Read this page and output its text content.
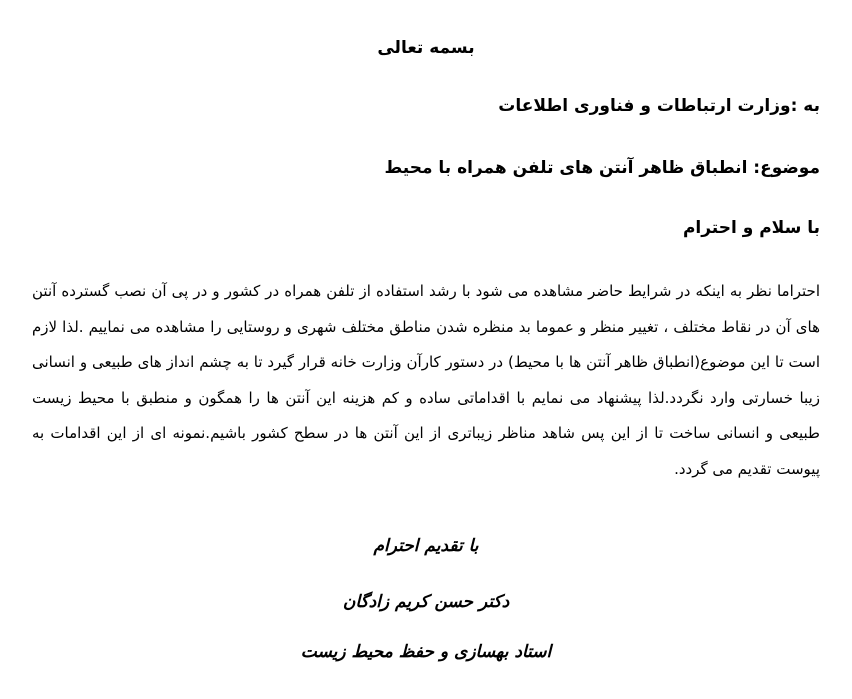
بسمه تعالی
به :وزارت ارتباطات و فناوری اطلاعات
موضوع: انطباق ظاهر آنتن های تلفن همراه با محیط
با سلام و احترام

احتراما نظر به اینکه در شرایط حاضر مشاهده می شود با رشد استفاده از تلفن همراه در کشور و در پی آن نصب گسترده آنتن های آن در نقاط مختلف ، تغییر منظر و عموما بد منظره شدن مناطق مختلف شهری و روستایی را مشاهده می نماییم .لذا لازم است تا این موضوع(انطباق ظاهر آنتن ها با محیط) در دستور کارآن وزارت خانه قرار گیرد تا به چشم انداز های طبیعی و انسانی زیبا خسارتی وارد نگردد.لذا پیشنهاد می نمایم با اقداماتی ساده و کم هزینه این آنتن ها را همگون و منطبق با محیط زیست طبیعی و انسانی ساخت تا از این پس شاهد مناظر زیباتری از این آنتن ها در سطح کشور باشیم.نمونه ای از این اقدامات به پیوست تقدیم می گردد.

با تقدیم احترام
دکتر حسن کریم زادگان
استاد بهسازی و حفظ محیط زیست
